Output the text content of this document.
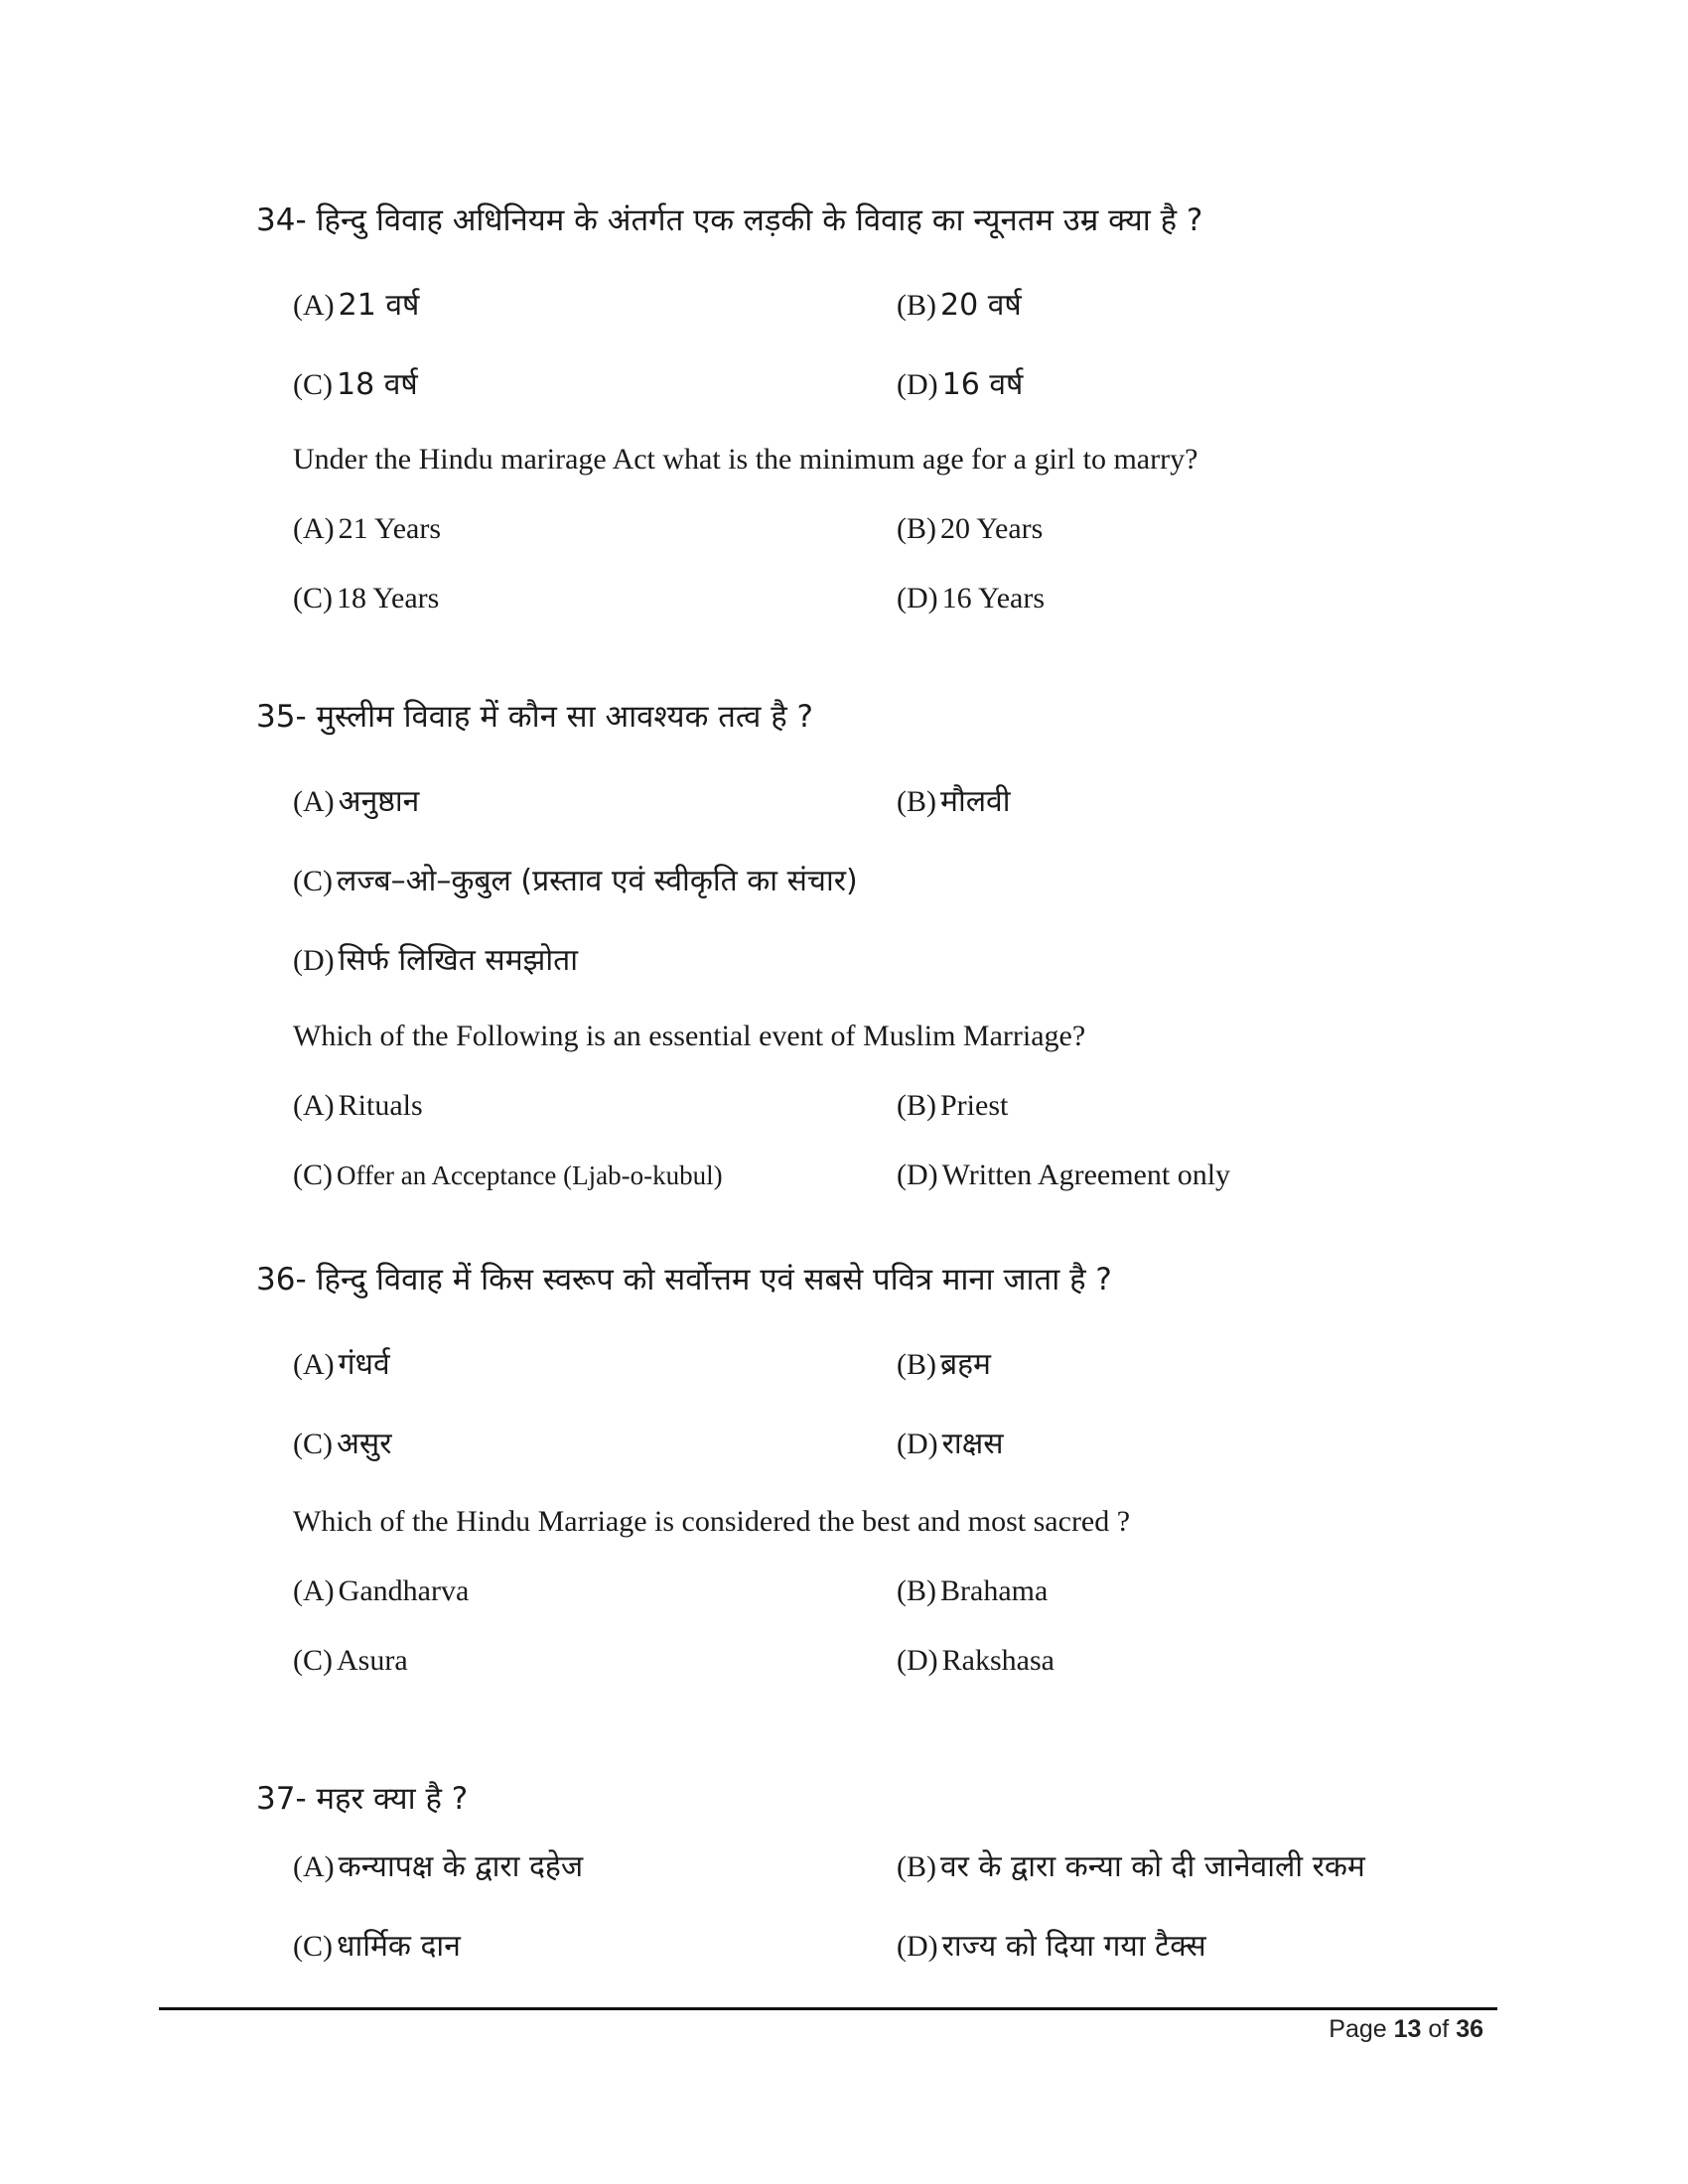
34- हिन्दु विवाह अधिनियम के अंतर्गत एक लड़की के विवाह का न्यूनतम उम्र क्या है ?
(A) 21 वर्ष	(B) 20 वर्ष
(C) 18 वर्ष	(D) 16 वर्ष
Under the Hindu marirage Act what is the minimum age for a girl to marry?
(A) 21 Years	(B) 20 Years
(C) 18 Years	(D) 16 Years
35- मुस्लीम विवाह में कौन सा आवश्यक तत्व है ?
(A) अनुष्ठान	(B) मौलवी
(C) लज्ब–ओ–कुबुल (प्रस्ताव एवं स्वीकृति का संचार)
(D) सिर्फ लिखित समझोता
Which of the Following is an essential event of Muslim Marriage?
(A) Rituals	(B) Priest
(C) Offer an Acceptance (Ljab-o-kubul)	(D) Written Agreement only
36- हिन्दु विवाह में किस स्वरूप को सर्वोत्तम एवं सबसे पवित्र माना जाता है ?
(A) गंधर्व	(B) ब्रहम
(C) असुर	(D) राक्षस
Which of the Hindu Marriage is considered the best and most sacred ?
(A) Gandharva	(B) Brahama
(C) Asura	(D) Rakshasa
37- महर क्या है ?
(A) कन्यापक्ष के द्वारा दहेज	(B) वर के द्वारा कन्या को दी जानेवाली रकम
(C) धार्मिक दान	(D) राज्य को दिया गया टैक्स
Page 13 of 36
